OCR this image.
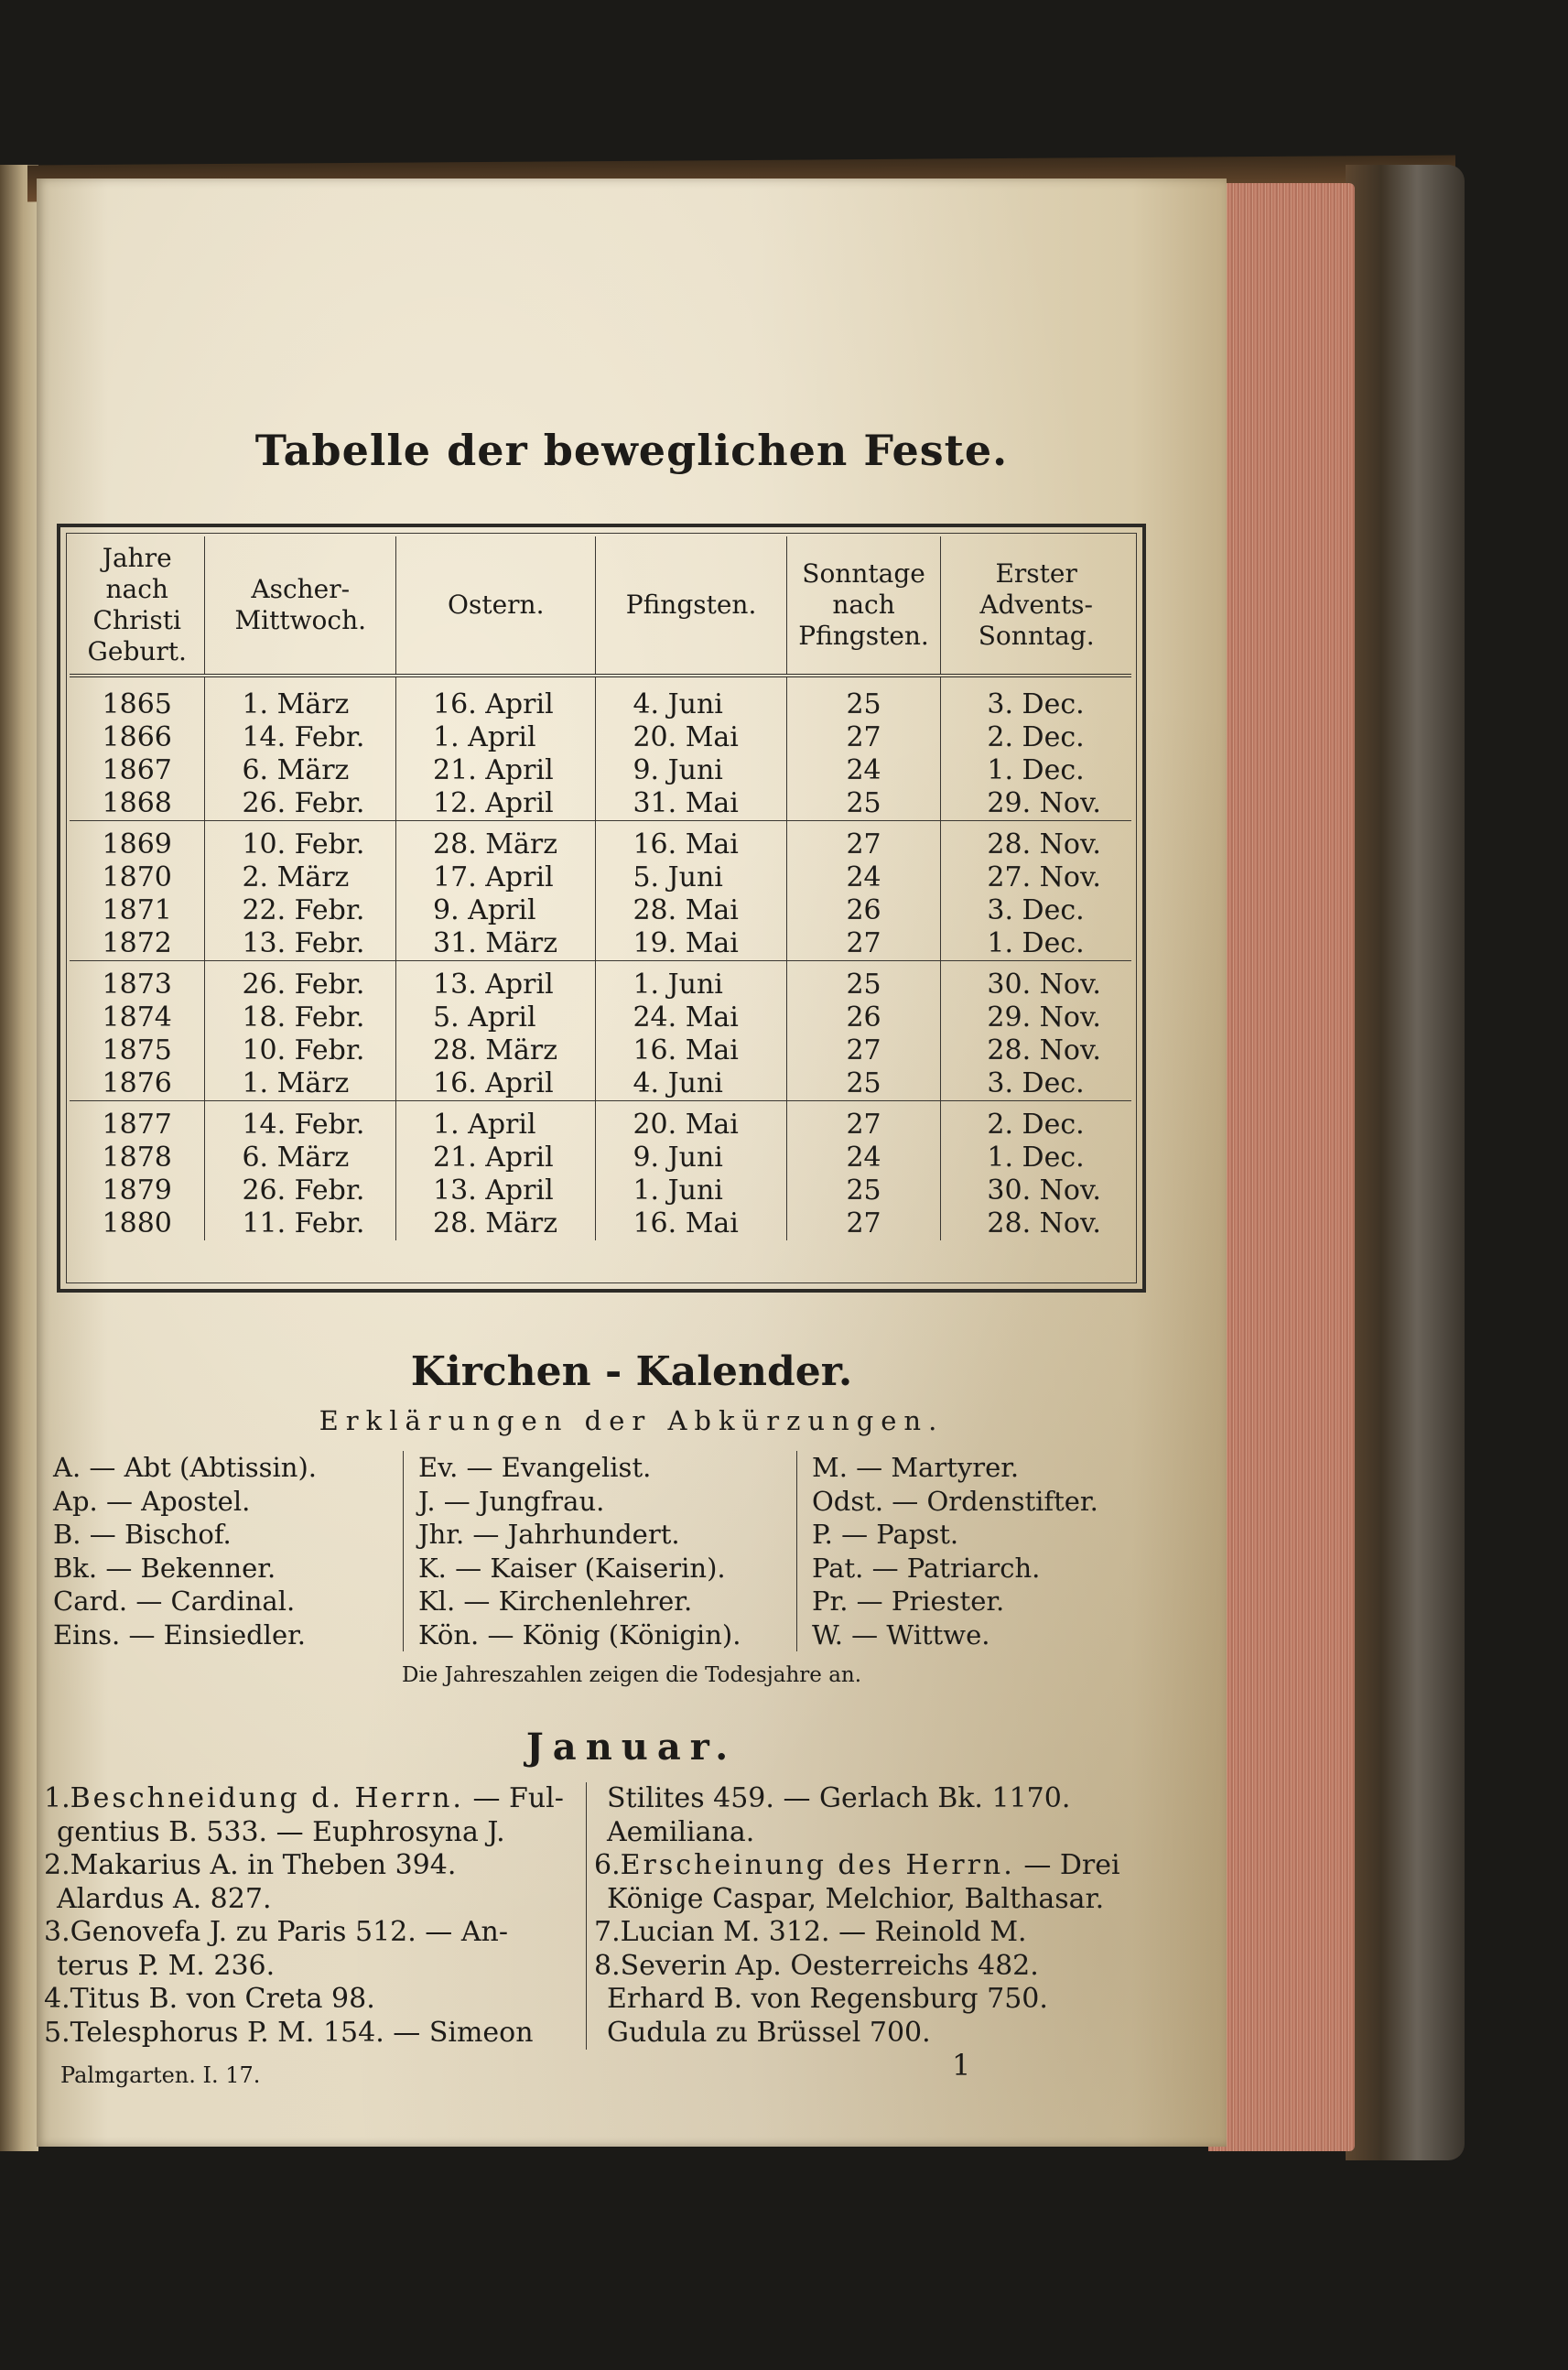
Tabelle der beweglichen Feste.
Jahre nach Christi Geburt.	Ascher-Mittwoch.	Ostern.	Pfingsten.	Sonntage nach Pfingsten.	Erster Advents-Sonntag.
1865	1. März	16. April	4. Juni	25	3. Dec.
1866	14. Febr.	1. April	20. Mai	27	2. Dec.
1867	6. März	21. April	9. Juni	24	1. Dec.
1868	26. Febr.	12. April	31. Mai	25	29. Nov.
1869	10. Febr.	28. März	16. Mai	27	28. Nov.
1870	2. März	17. April	5. Juni	24	27. Nov.
1871	22. Febr.	9. April	28. Mai	26	3. Dec.
1872	13. Febr.	31. März	19. Mai	27	1. Dec.
1873	26. Febr.	13. April	1. Juni	25	30. Nov.
1874	18. Febr.	5. April	24. Mai	26	29. Nov.
1875	10. Febr.	28. März	16. Mai	27	28. Nov.
1876	1. März	16. April	4. Juni	25	3. Dec.
1877	14. Febr.	1. April	20. Mai	27	2. Dec.
1878	6. März	21. April	9. Juni	24	1. Dec.
1879	26. Febr.	13. April	1. Juni	25	30. Nov.
1880	11. Febr.	28. März	16. Mai	27	28. Nov.
Kirchen - Kalender.
Erklärungen der Abkürzungen.
A. — Abt (Abtissin).
Ap. — Apostel.
B. — Bischof.
Bk. — Bekenner.
Card. — Cardinal.
Eins. — Einsiedler.
Ev. — Evangelist.
J. — Jungfrau.
Jhr. — Jahrhundert.
K. — Kaiser (Kaiserin).
Kl. — Kirchenlehrer.
Kön. — König (Königin).
M. — Martyrer.
Odst. — Ordenstifter.
P. — Papst.
Pat. — Patriarch.
Pr. — Priester.
W. — Wittwe.
Die Jahreszahlen zeigen die Todesjahre an.
Januar.
1.Beschneidung d. Herrn. — Ful-
gentius B. 533. — Euphrosyna J.
2.Makarius A. in Theben 394.
Alardus A. 827.
3.Genovefa J. zu Paris 512. — An-
terus P. M. 236.
4.Titus B. von Creta 98.
5.Telesphorus P. M. 154. — Simeon
Stilites 459. — Gerlach Bk. 1170.
Aemiliana.
6.Erscheinung des Herrn. — Drei
Könige Caspar, Melchior, Balthasar.
7.Lucian M. 312. — Reinold M.
8.Severin Ap. Oesterreichs 482.
Erhard B. von Regensburg 750.
Gudula zu Brüssel 700.
Palmgarten. I. 17.	1
